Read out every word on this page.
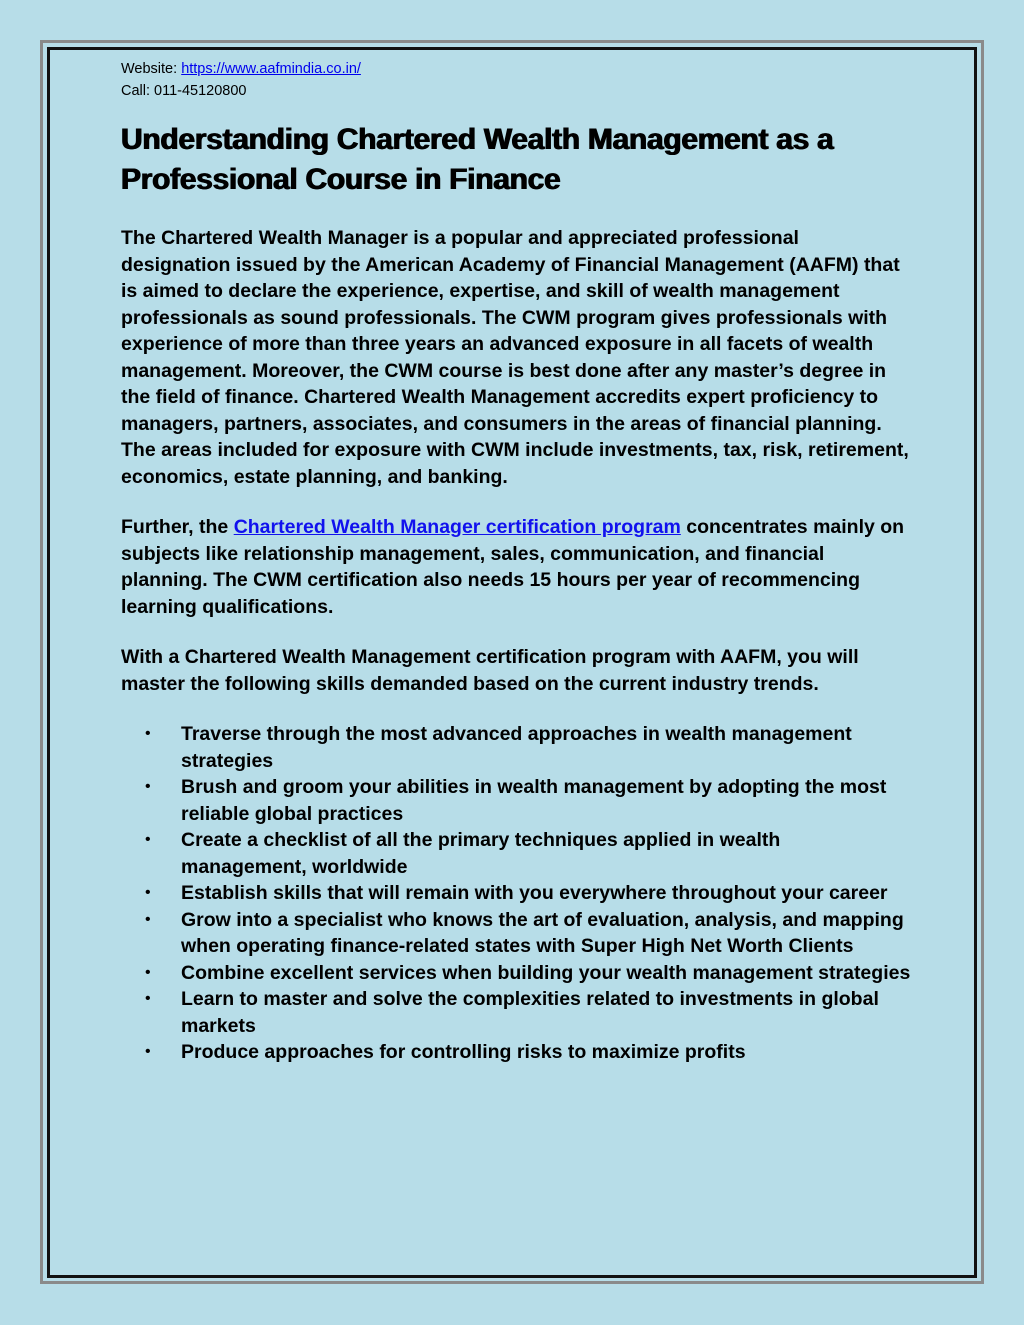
Website: https://www.aafmindia.co.in/
Call: 011-45120800
Understanding Chartered Wealth Management as a Professional Course in Finance

The Chartered Wealth Manager is a popular and appreciated professional designation issued by the American Academy of Financial Management (AAFM) that is aimed to declare the experience, expertise, and skill of wealth management professionals as sound professionals. The CWM program gives professionals with experience of more than three years an advanced exposure in all facets of wealth management. Moreover, the CWM course is best done after any master’s degree in the field of finance. Chartered Wealth Management accredits expert proficiency to managers, partners, associates, and consumers in the areas of financial planning. The areas included for exposure with CWM include investments, tax, risk, retirement, economics, estate planning, and banking.

Further, the Chartered Wealth Manager certification program concentrates mainly on subjects like relationship management, sales, communication, and financial planning. The CWM certification also needs 15 hours per year of recommencing learning qualifications.

With a Chartered Wealth Management certification program with AAFM, you will master the following skills demanded based on the current industry trends.

• Traverse through the most advanced approaches in wealth management strategies
• Brush and groom your abilities in wealth management by adopting the most reliable global practices
• Create a checklist of all the primary techniques applied in wealth management, worldwide
• Establish skills that will remain with you everywhere throughout your career
• Grow into a specialist who knows the art of evaluation, analysis, and mapping when operating finance-related states with Super High Net Worth Clients
• Combine excellent services when building your wealth management strategies
• Learn to master and solve the complexities related to investments in global markets
• Produce approaches for controlling risks to maximize profits
